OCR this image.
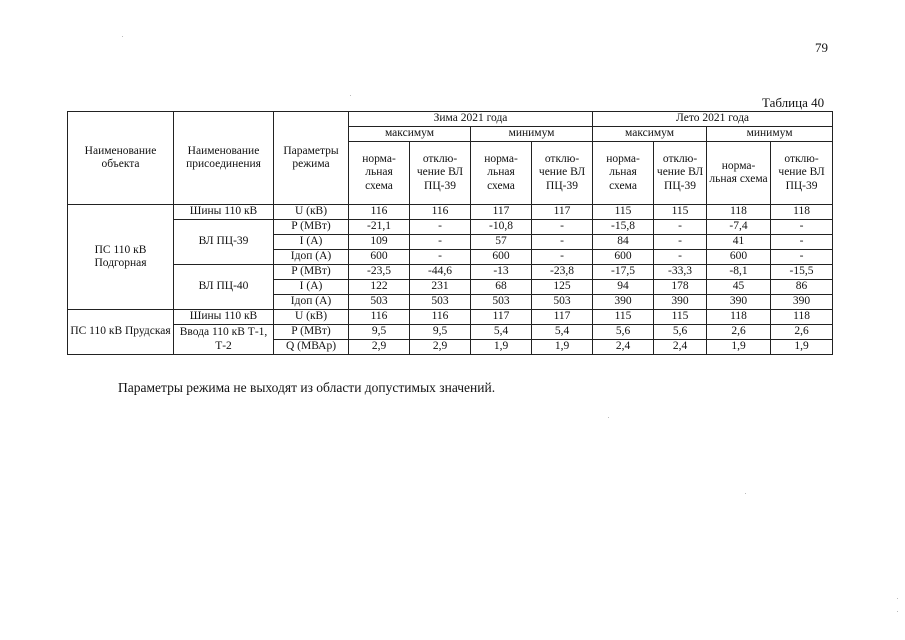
79
Таблица 40
Наименование объекта	Наименование присоединения	Параметры режима	Зима 2021 года				Лето 2021 года			
			максимум		минимум		максимум		минимум	
			норма-льная схема	отклю-чение ВЛ ПЦ-39	норма-льная схема	отклю-чение ВЛ ПЦ-39	норма-льная схема	отклю-чение ВЛ ПЦ-39	норма-льная схема	отклю-чение ВЛ ПЦ-39
ПС 110 кВ Подгорная	Шины 110 кВ	U (кВ)	116	116	117	117	115	115	118	118
	ВЛ ПЦ-39	P (МВт)	-21,1	-	-10,8	-	-15,8	-	-7,4	-
		I (A)	109	-	57	-	84	-	41	-
		Iдоп (A)	600	-	600	-	600	-	600	-
	ВЛ ПЦ-40	P (МВт)	-23,5	-44,6	-13	-23,8	-17,5	-33,3	-8,1	-15,5
		I (A)	122	231	68	125	94	178	45	86
		Iдоп (A)	503	503	503	503	390	390	390	390
ПС 110 кВ Прудская	Шины 110 кВ	U (кВ)	116	116	117	117	115	115	118	118
	Ввода 110 кВ Т-1, Т-2	P (МВт)	9,5	9,5	5,4	5,4	5,6	5,6	2,6	2,6
		Q (МВАр)	2,9	2,9	1,9	1,9	2,4	2,4	1,9	1,9
Параметры режима не выходят из области допустимых значений.
